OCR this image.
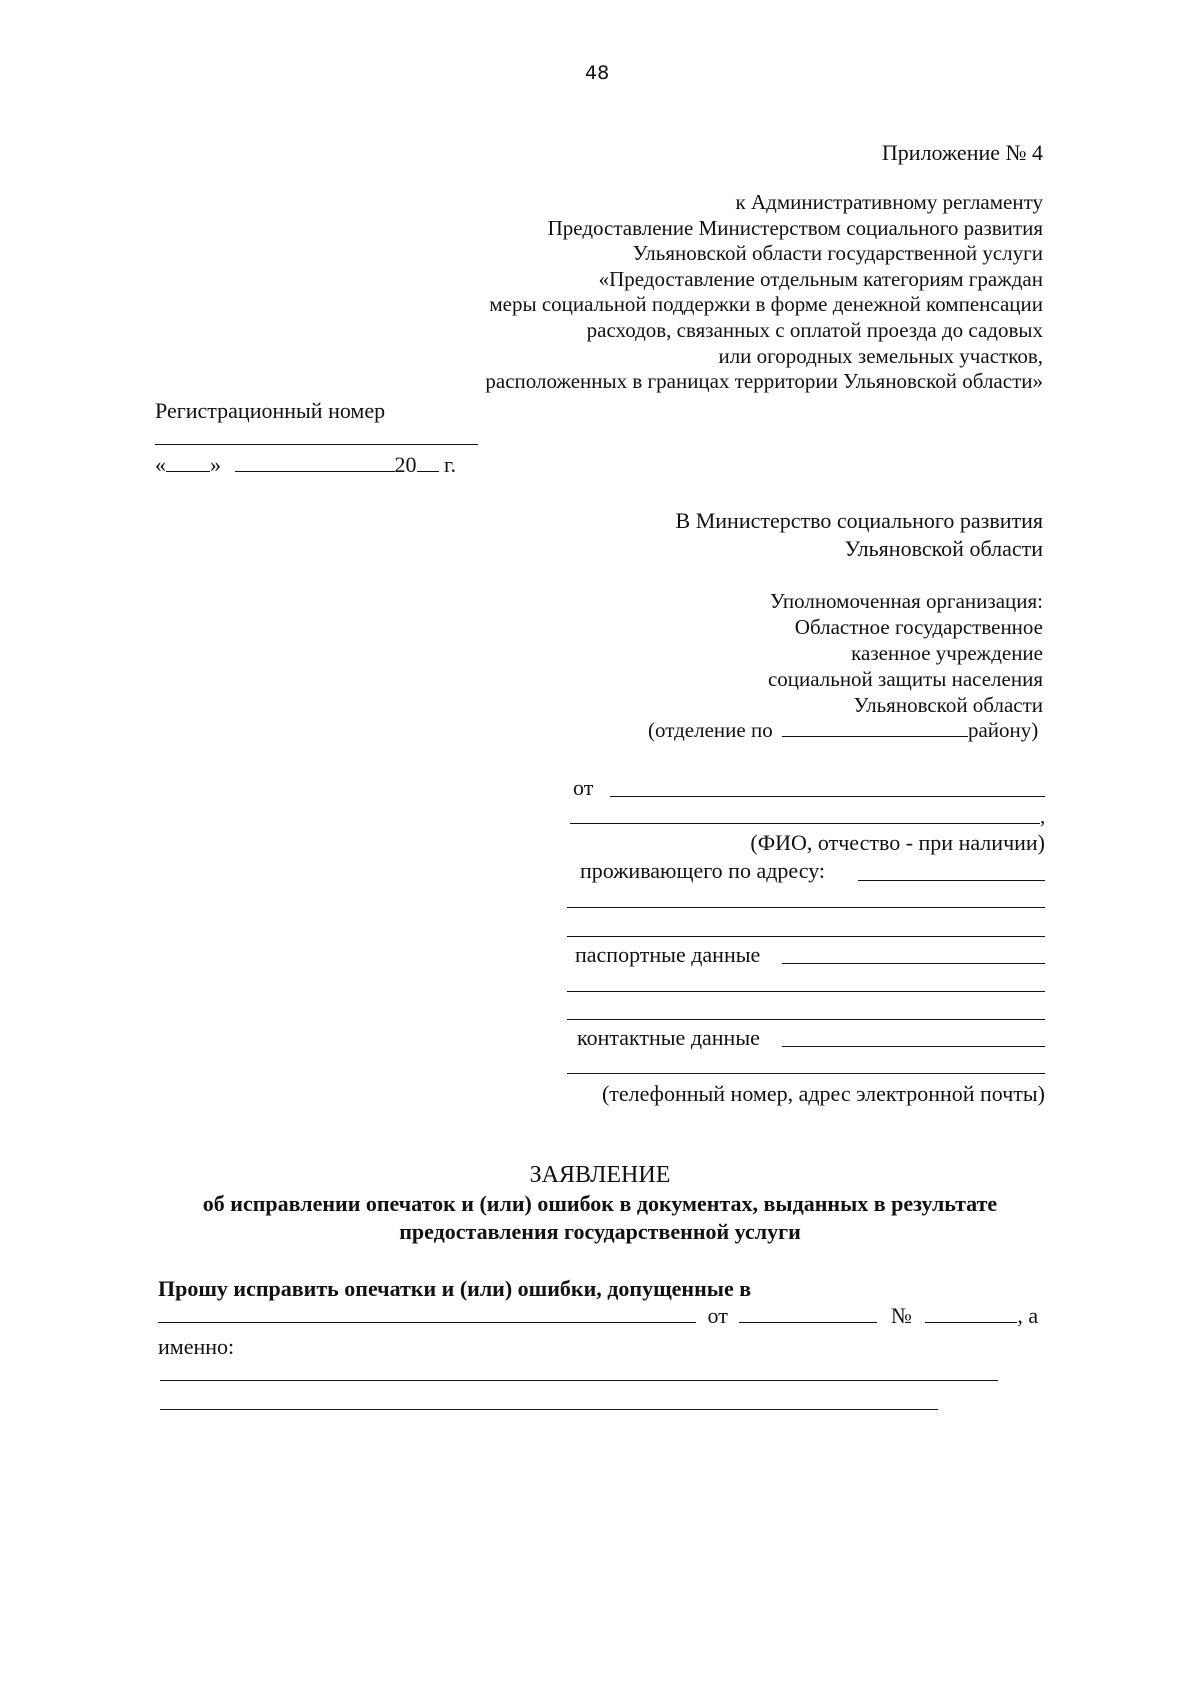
48
Приложение № 4
к Административному регламенту
Предоставление Министерством социального развития
Ульяновской области государственной услуги
«Предоставление отдельным категориям граждан
меры социальной поддержки в форме денежной компенсации
расходов, связанных с оплатой проезда до садовых
или огородных земельных участков,
расположенных в границах территории Ульяновской области»
Регистрационный номер
« »	20 г.
В Министерство социального развития
Ульяновской области
Уполномоченная организация:
Областное государственное
казенное учреждение
социальной защиты населения
Ульяновской области
(отделение по	району)
от
,
(ФИО, отчество - при наличии)
проживающего по адресу:
паспортные данные
контактные данные
(телефонный номер, адрес электронной почты)
ЗАЯВЛЕНИЕ
об исправлении опечаток и (или) ошибок в документах, выданных в результате
предоставления государственной услуги
Прошу исправить опечатки и (или) ошибки, допущенные в
от	№	, а
именно:
